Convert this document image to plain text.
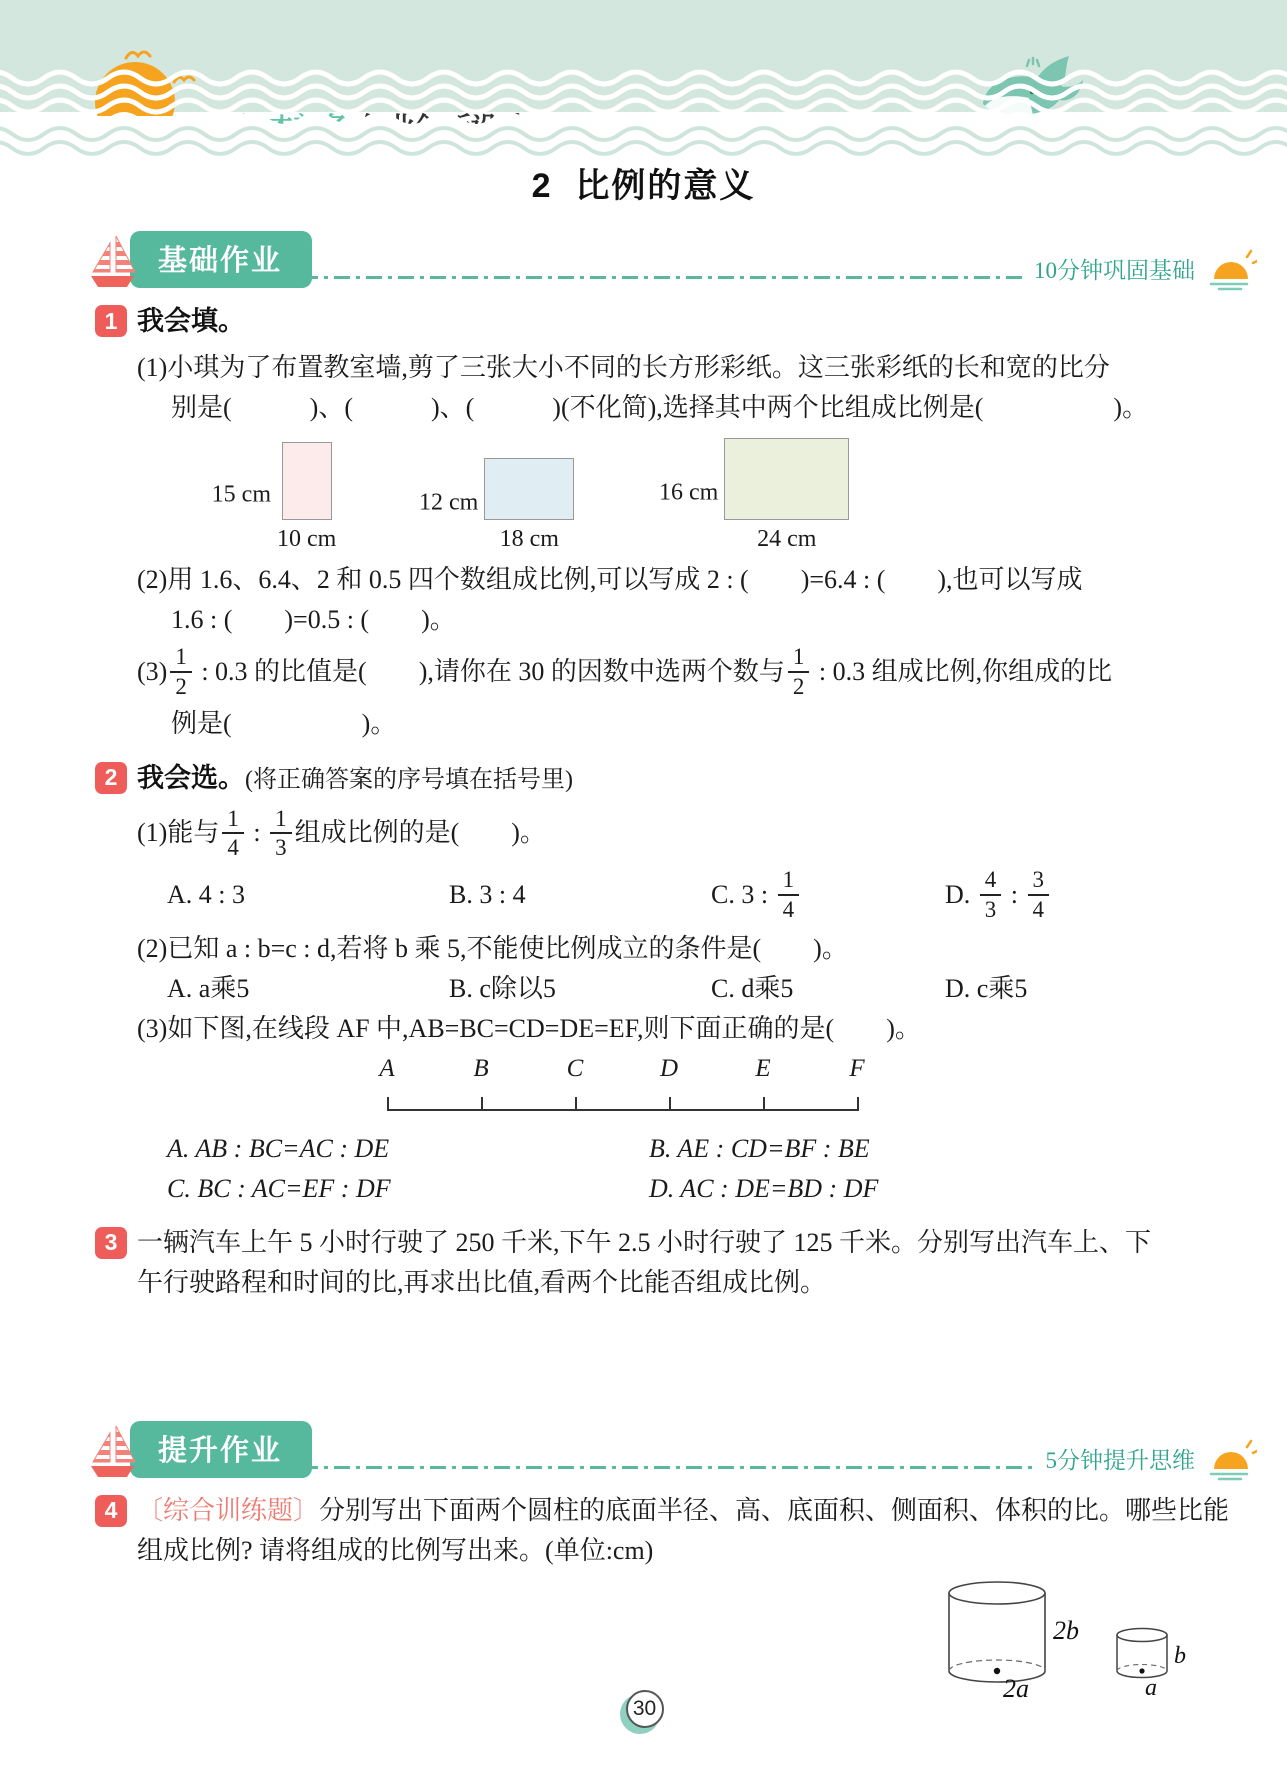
2  比例的意义
基础作业	10分钟巩固基础
1 我会填。
(1)小琪为了布置教室墙,剪了三张大小不同的长方形彩纸。这三张彩纸的长和宽的比分
别是(　　　)、(　　　)、(　　　)(不化简),选择其中两个比组成比例是(　　　　　)。
15 cm
10 cm
12 cm
18 cm
16 cm
24 cm
(2)用 1.6、6.4、2 和 0.5 四个数组成比例,可以写成 2 : (　　)=6.4 : (　　),也可以写成
1.6 : (　　)=0.5 : (　　)。
$(3) \frac{1}{2}$ : 0.3 的比值是(　　),请你在 30 的因数中选两个数与 $\frac{1}{2}$ : 0.3 组成比例,你组成的比
例是(　　　　　)。
2 我会选。(将正确答案的序号填在括号里)
(1)能与 $\frac{1}{4}$ : $\frac{1}{3}$ 组成比例的是(　　)。
A. 4 : 3	B. 3 : 4	C. 3 : $\frac{1}{4}$	D. $\frac{4}{3}$ : $\frac{3}{4}$
(2)已知 a : b=c : d,若将 b 乘 5,不能使比例成立的条件是(　　)。
A. a乘5	B. c除以5	C. d乘5	D. c乘5
(3)如下图,在线段 AF 中,AB=BC=CD=DE=EF,则下面正确的是(　　)。
A	B	C	D	E	F
A. AB : BC=AC : DE	B. AE : CD=BF : BE
C. BC : AC=EF : DF	D. AC : DE=BD : DF
3 一辆汽车上午 5 小时行驶了 250 千米,下午 2.5 小时行驶了 125 千米。分别写出汽车上、下
午行驶路程和时间的比,再求出比值,看两个比能否组成比例。
提升作业	5分钟提升思维
4 〔综合训练题〕分别写出下面两个圆柱的底面半径、高、底面积、侧面积、体积的比。哪些比能
组成比例? 请将组成的比例写出来。(单位:cm)
2b
2a
b
a
30
